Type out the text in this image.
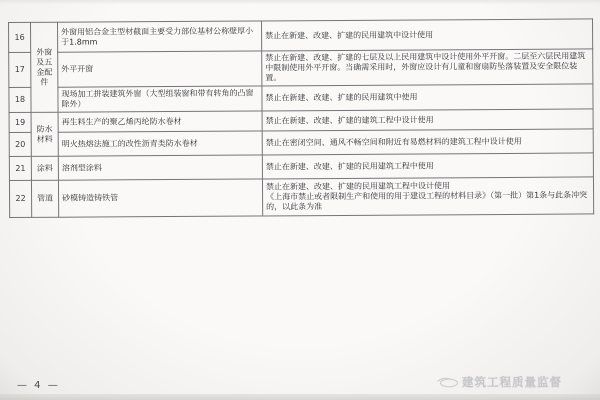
16	外窗及五金配件	外窗用铝合金主型材截面主要受力部位基材公称壁厚小于1.8mm	禁止在新建、改建、扩建的民用建筑中设计使用
17		外平开窗	禁止在新建、改建、扩建的七层及以上民用建筑中设计使用外平开窗。二层至六层民用建筑中限制使用外平开窗。当确需采用时，外窗应设计有儿童和窗扇防坠落装置及安全限位装置。
18		现场加工拼装建筑外窗（大型组装窗和带有转角的凸窗除外）	禁止在新建、改建、扩建的民用建筑中使用
19	防水材料	再生料生产的聚乙烯丙纶防水卷材	禁止在新建、改建、扩建的建筑工程中设计使用
20		明火热熔法施工的改性沥青类防水卷材	禁止在密闭空间、通风不畅空间和附近有易燃材料的建筑工程中设计使用
21	涂料	溶剂型涂料	禁止在新建、改建、扩建的民用建筑工程中使用
22	管道	砂模铸造铸铁管	禁止在新建、改建、扩建的民用建筑工程中设计使用
《上海市禁止或者限制生产和使用的用于建设工程的材料目录》（第一批）第1条与此条冲突的，以此条为准
— 4 —	建筑工程质量监督
